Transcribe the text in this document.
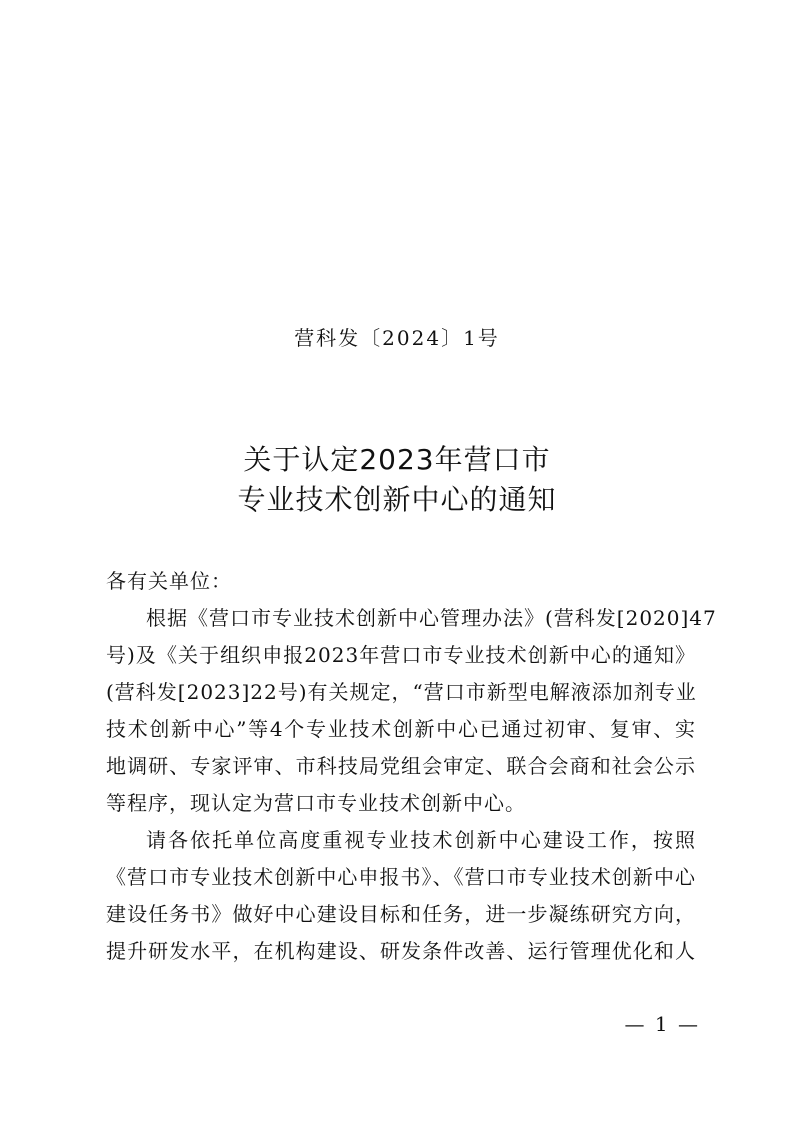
营科发〔2024〕1号
关于认定2023年营口市
专业技术创新中心的通知

各有关单位：

根据《营口市专业技术创新中心管理办法》(营科发[2020]47

号)及《关于组织申报2023年营口市专业技术创新中心的通知》

(营科发[2023]22号)有关规定，“营口市新型电解液添加剂专业

技术创新中心”等4个专业技术创新中心已通过初审、复审、实

地调研、专家评审、市科技局党组会审定、联合会商和社会公示

等程序，现认定为营口市专业技术创新中心。

请各依托单位高度重视专业技术创新中心建设工作，按照

《营口市专业技术创新中心申报书》、《营口市专业技术创新中心

建设任务书》做好中心建设目标和任务，进一步凝练研究方向，

提升研发水平，在机构建设、研发条件改善、运行管理优化和人

— 1 —
